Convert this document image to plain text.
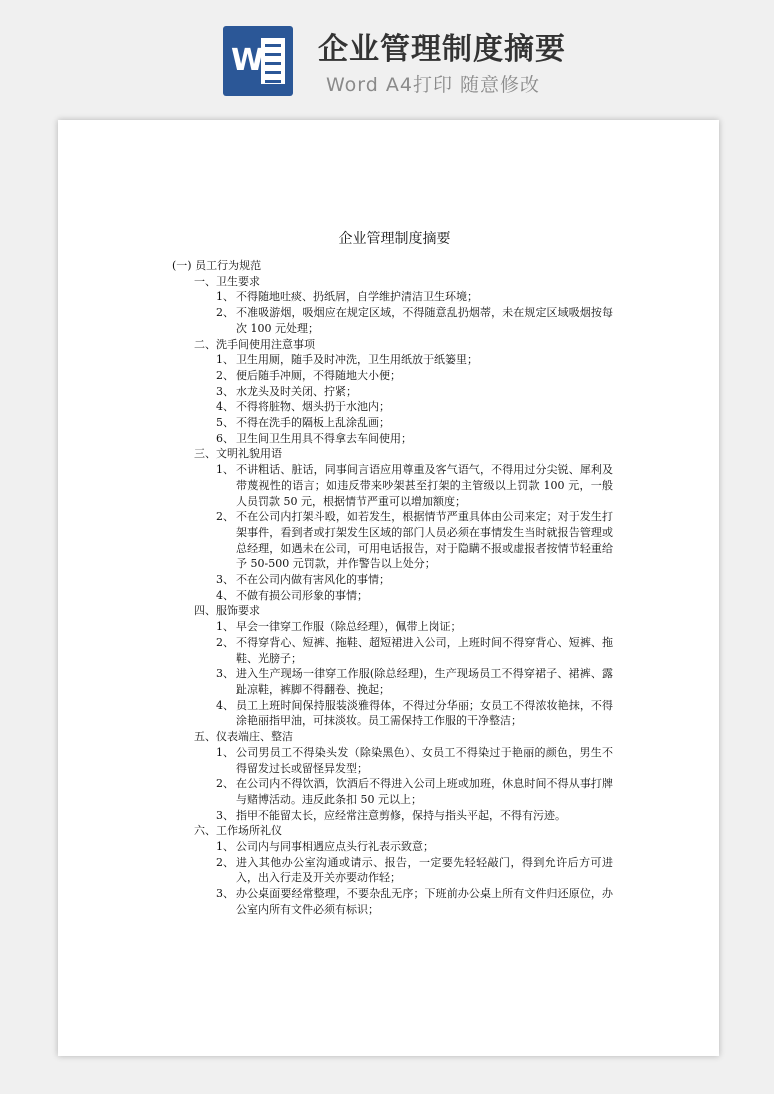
W 企业管理制度摘要
Word A4打印 随意修改
企业管理制度摘要
(一) 员工行为规范
一、卫生要求
1、 不得随地吐痰、扔纸屑，自学维护清洁卫生环境；
2、 不准吸游烟，吸烟应在规定区域，不得随意乱扔烟蒂，未在规定区域吸烟按每次 100 元处理；
二、洗手间使用注意事项
1、 卫生用厕，随手及时冲洗，卫生用纸放于纸篓里；
2、 便后随手冲厕，不得随地大小便；
3、 水龙头及时关闭、拧紧；
4、 不得将脏物、烟头扔于水池内；
5、 不得在洗手的隔板上乱涂乱画；
6、 卫生间卫生用具不得拿去车间使用；
三、文明礼貌用语
1、 不讲粗话、脏话，同事间言语应用尊重及客气语气，不得用过分尖锐、犀利及带蔑视性的语言；如违反带来吵架甚至打架的主管级以上罚款 100 元，一般人员罚款 50 元，根据情节严重可以增加额度；
2、 不在公司内打架斗殴，如若发生，根据情节严重具体由公司来定；对于发生打架事件，看到者或打架发生区域的部门人员必须在事情发生当时就报告管理或总经理，如遇未在公司，可用电话报告，对于隐瞒不报或虚报者按情节轻重给予 50-500 元罚款，并作警告以上处分；
3、 不在公司内做有害风化的事情；
4、 不做有损公司形象的事情；
四、服饰要求
1、 早会一律穿工作服（除总经理），佩带上岗证；
2、 不得穿背心、短裤、拖鞋、超短裙进入公司，上班时间不得穿背心、短裤、拖鞋、光膀子；
3、 进入生产现场一律穿工作服(除总经理)，生产现场员工不得穿裙子、裙裤、露趾凉鞋，裤脚不得翻卷、挽起；
4、 员工上班时间保持服装淡雅得体，不得过分华丽；女员工不得浓妆艳抹，不得涂艳丽指甲油，可抹淡妆。员工需保持工作服的干净整洁；
五、仪表端庄、整洁
1、 公司男员工不得染头发（除染黑色）、女员工不得染过于艳丽的颜色，男生不得留发过长或留怪异发型；
2、 在公司内不得饮酒，饮酒后不得进入公司上班或加班，休息时间不得从事打牌与赌博活动。违反此条扣 50 元以上；
3、 指甲不能留太长，应经常注意剪修，保持与指头平起，不得有污迹。
六、工作场所礼仪
1、 公司内与同事相遇应点头行礼表示致意；
2、 进入其他办公室沟通或请示、报告，一定要先轻轻敲门，得到允许后方可进入，出入行走及开关亦要动作轻；
3、 办公桌面要经常整理，不要杂乱无序；下班前办公桌上所有文件归还原位，办公室内所有文件必须有标识；
